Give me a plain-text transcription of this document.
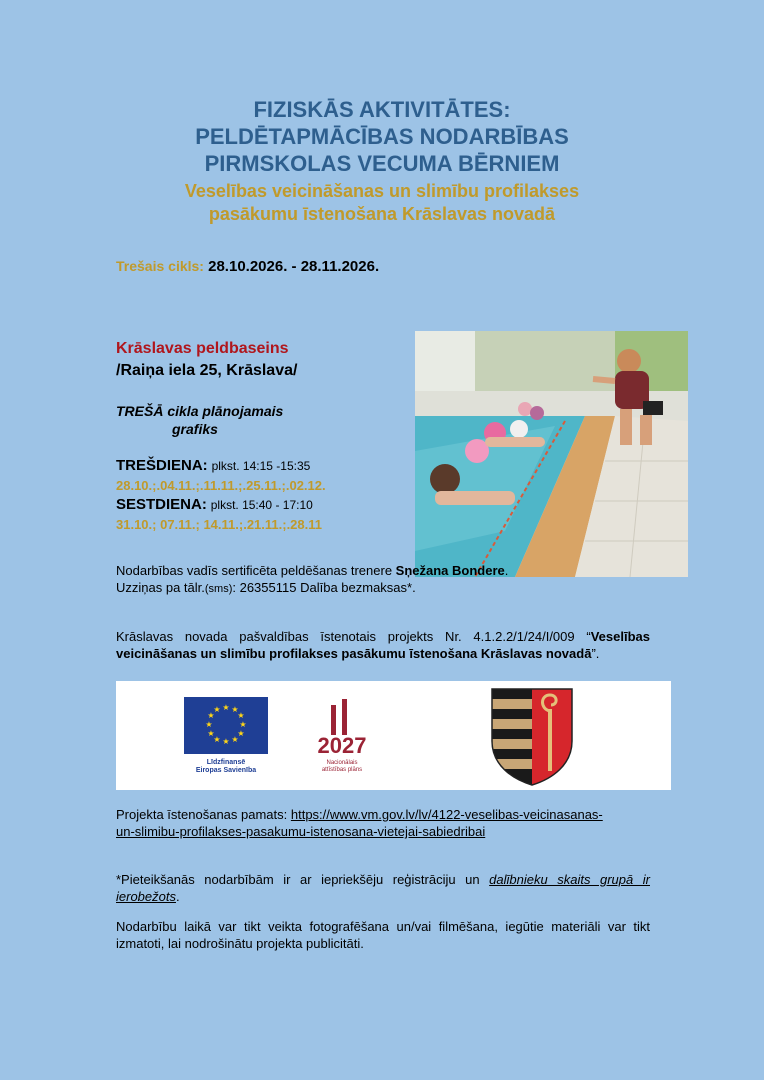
FIZISKĀS AKTIVITĀTES:
PELDĒTAPMĀCĪBAS NODARBĪBAS
PIRMSKOLAS VECUMA BĒRNIEM
Veselības veicināšanas un slimību profilakses
pasākumu īstenošana Krāslavas novadā
Trešais cikls: 28.10.2026. - 28.11.2026.
Krāslavas peldbaseins
/Raiņa iela 25, Krāslava/
TREŠĀ cikla plānojamais
grafiks
TREŠDIENA: plkst. 14:15 -15:35
28.10.;.04.11.;.11.11.;.25.11.;.02.12.
SESTDIENA: plkst. 15:40 - 17:10
31.10.; 07.11.; 14.11.;.21.11.;.28.11
Nodarbības vadīs sertificēta peldēšanas trenere Sņežana Bondere.
Uzziņas pa tālr.(sms): 26355115 Dalība bezmaksas*.
Krāslavas novada pašvaldības īstenotais projekts Nr. 4.1.2.2/1/24/I/009 “Veselības veicināšanas un slimību profilakses pasākumu īstenošana Krāslavas novadā”.
★ ★
★
★
★
★
★
★
★
★
★
★
Līdzfinansē
Eiropas Savienība
2027
Nacionālais
attīstības plāns
Projekta īstenošanas pamats: https://www.vm.gov.lv/lv/4122-veselibas-veicinasanas-
un-slimibu-profilakses-pasakumu-istenosana-vietejai-sabiedribai
*Pieteikšanās nodarbībām ir ar iepriekšēju reģistrāciju un dalībnieku skaits grupā ir ierobežots.
Nodarbību laikā var tikt veikta fotografēšana un/vai filmēšana, iegūtie materiāli var tikt izmatoti, lai nodrošinātu projekta publicitāti.
